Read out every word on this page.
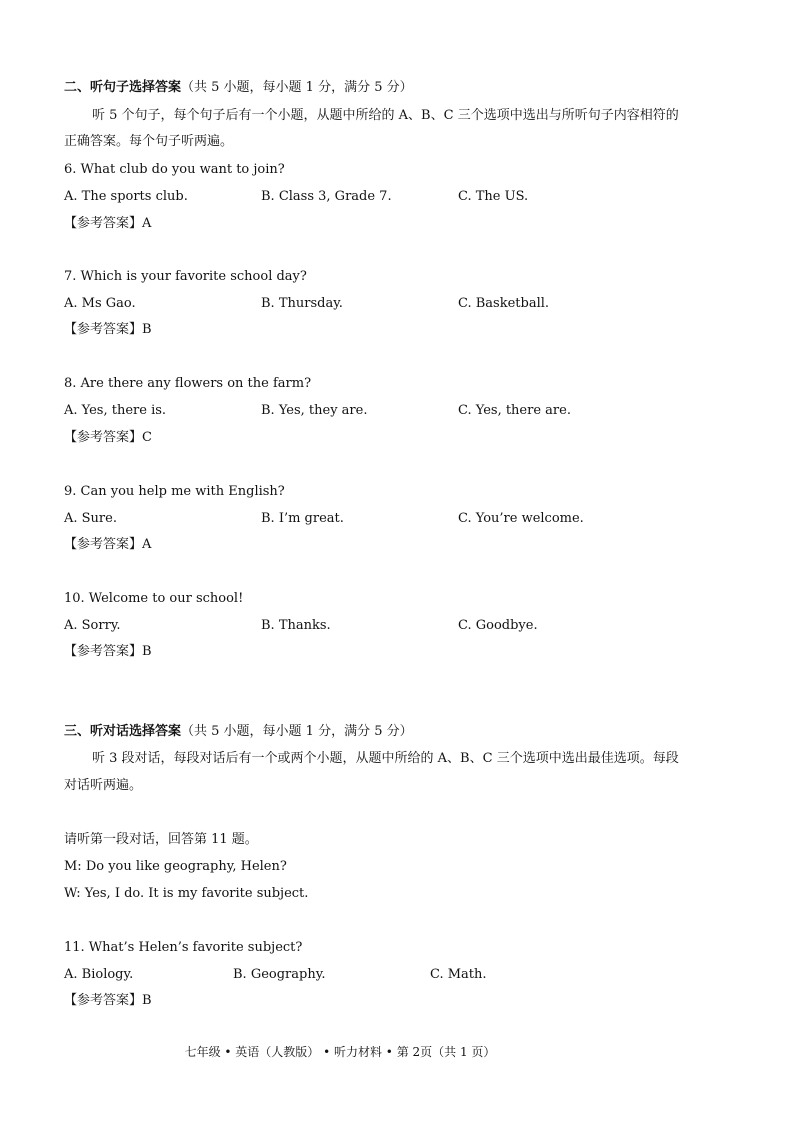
二、听句子选择答案（共 5 小题，每小题 1 分，满分 5 分）
听 5 个句子，每个句子后有一个小题，从题中所给的 A、B、C 三个选项中选出与所听句子内容相符的
正确答案。每个句子听两遍。
6. What club do you want to join?
A. The sports club.	B. Class 3, Grade 7.	C. The US.
【参考答案】A
7. Which is your favorite school day?
A. Ms Gao.	B. Thursday.	C. Basketball.
【参考答案】B
8. Are there any flowers on the farm?
A. Yes, there is.	B. Yes, they are.	C. Yes, there are.
【参考答案】C
9. Can you help me with English?
A. Sure.	B. I’m great.	C. You’re welcome.
【参考答案】A
10. Welcome to our school!
A. Sorry.	B. Thanks.	C. Goodbye.
【参考答案】B
三、听对话选择答案（共 5 小题，每小题 1 分，满分 5 分）
听 3 段对话，每段对话后有一个或两个小题，从题中所给的 A、B、C 三个选项中选出最佳选项。每段
对话听两遍。
请听第一段对话，回答第 11 题。
M: Do you like geography, Helen?
W: Yes, I do. It is my favorite subject.
11. What’s Helen’s favorite subject?
A. Biology.	B. Geography.	C. Math.
【参考答案】B
七年级 • 英语（人教版） • 听力材料 • 第 2页（共 1 页）
